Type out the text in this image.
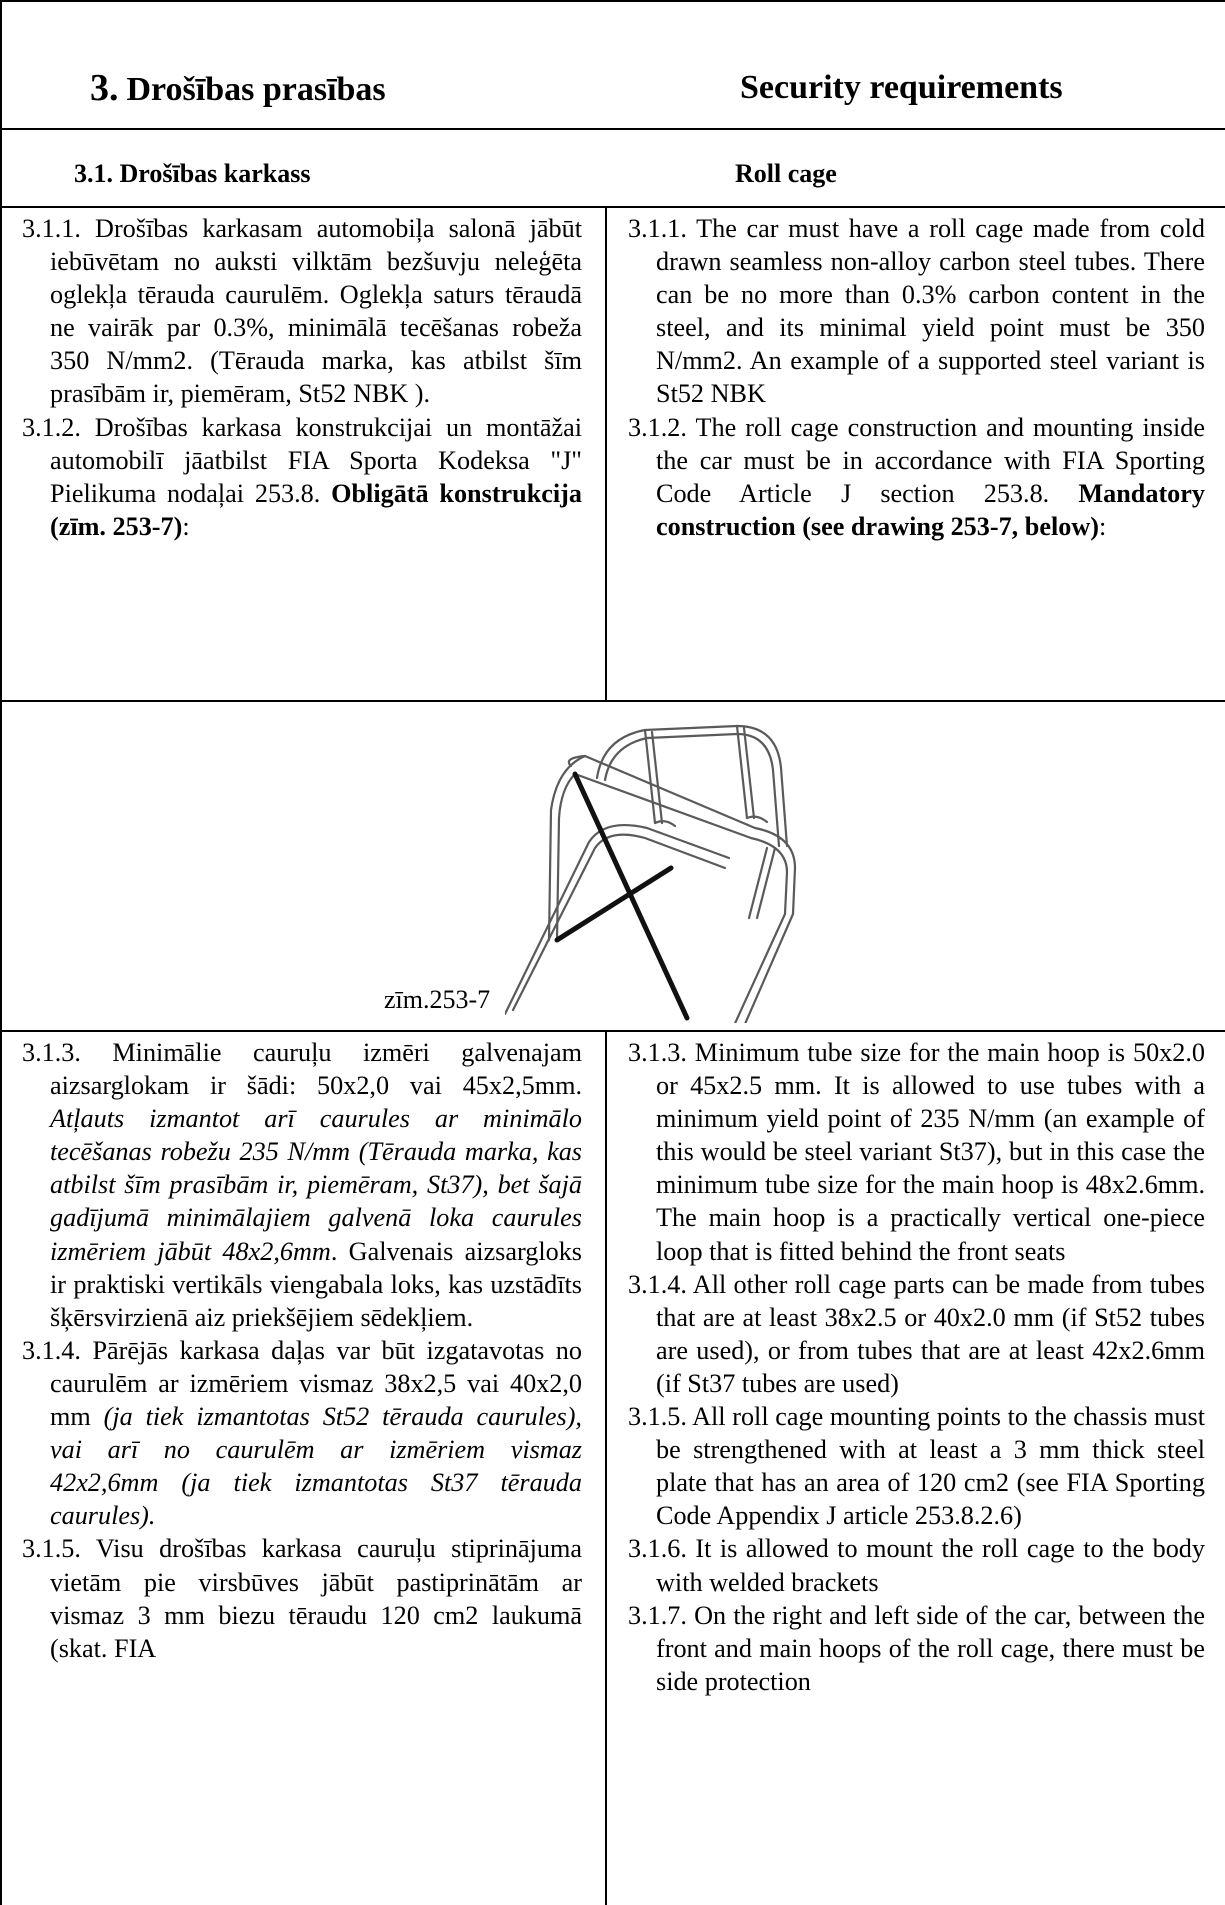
3. Drošības prasības	Security requirements
3.1. Drošības karkass	Roll cage

3.1.1. Drošības karkasam automobiļa salonā jābūt iebūvētam no auksti vilktām bezšuvju neleģēta oglekļa tērauda caurulēm. Oglekļa saturs tēraudā ne vairāk par 0.3%, minimālā tecēšanas robeža 350 N/mm2. (Tērauda marka, kas atbilst šīm prasībām ir, piemēram, St52 NBK ).

3.1.2. Drošības karkasa konstrukcijai un montāžai automobilī jāatbilst FIA Sporta Kodeksa "J" Pielikuma nodaļai 253.8. Obligātā konstrukcija (zīm. 253-7):

3.1.1. The car must have a roll cage made from cold drawn seamless non-alloy carbon steel tubes. There can be no more than 0.3% carbon content in the steel, and its minimal yield point must be 350 N/mm2. An example of a supported steel variant is St52 NBK

3.1.2. The roll cage construction and mounting inside the car must be in accordance with FIA Sporting Code Article J section 253.8. Mandatory construction (see drawing 253-7, below):

zīm.253-7

3.1.3. Minimālie cauruļu izmēri galvenajam aizsarglokam ir šādi: 50x2,0 vai 45x2,5mm. Atļauts izmantot arī caurules ar minimālo tecēšanas robežu 235 N/mm (Tērauda marka, kas atbilst šīm prasībām ir, piemēram, St37), bet šajā gadījumā minimālajiem galvenā loka caurules izmēriem jābūt 48x2,6mm. Galvenais aizsargloks ir praktiski vertikāls viengabala loks, kas uzstādīts šķērsvirzienā aiz priekšējiem sēdekļiem.

3.1.4. Pārējās karkasa daļas var būt izgatavotas no caurulēm ar izmēriem vismaz 38x2,5 vai 40x2,0 mm (ja tiek izmantotas St52 tērauda caurules), vai arī no caurulēm ar izmēriem vismaz 42x2,6mm (ja tiek izmantotas St37 tērauda caurules).

3.1.5. Visu drošības karkasa cauruļu stiprinājuma vietām pie virsbūves jābūt pastiprinātām ar vismaz 3 mm biezu tēraudu 120 cm2 laukumā (skat. FIA

3.1.3. Minimum tube size for the main hoop is 50x2.0 or 45x2.5 mm. It is allowed to use tubes with a minimum yield point of 235 N/mm (an example of this would be steel variant St37), but in this case the minimum tube size for the main hoop is 48x2.6mm. The main hoop is a practically vertical one-piece loop that is fitted behind the front seats

3.1.4. All other roll cage parts can be made from tubes that are at least 38x2.5 or 40x2.0 mm (if St52 tubes are used), or from tubes that are at least 42x2.6mm (if St37 tubes are used)

3.1.5. All roll cage mounting points to the chassis must be strengthened with at least a 3 mm thick steel plate that has an area of 120 cm2 (see FIA Sporting Code Appendix J article 253.8.2.6)

3.1.6. It is allowed to mount the roll cage to the body with welded brackets

3.1.7. On the right and left side of the car, between the front and main hoops of the roll cage, there must be side protection
